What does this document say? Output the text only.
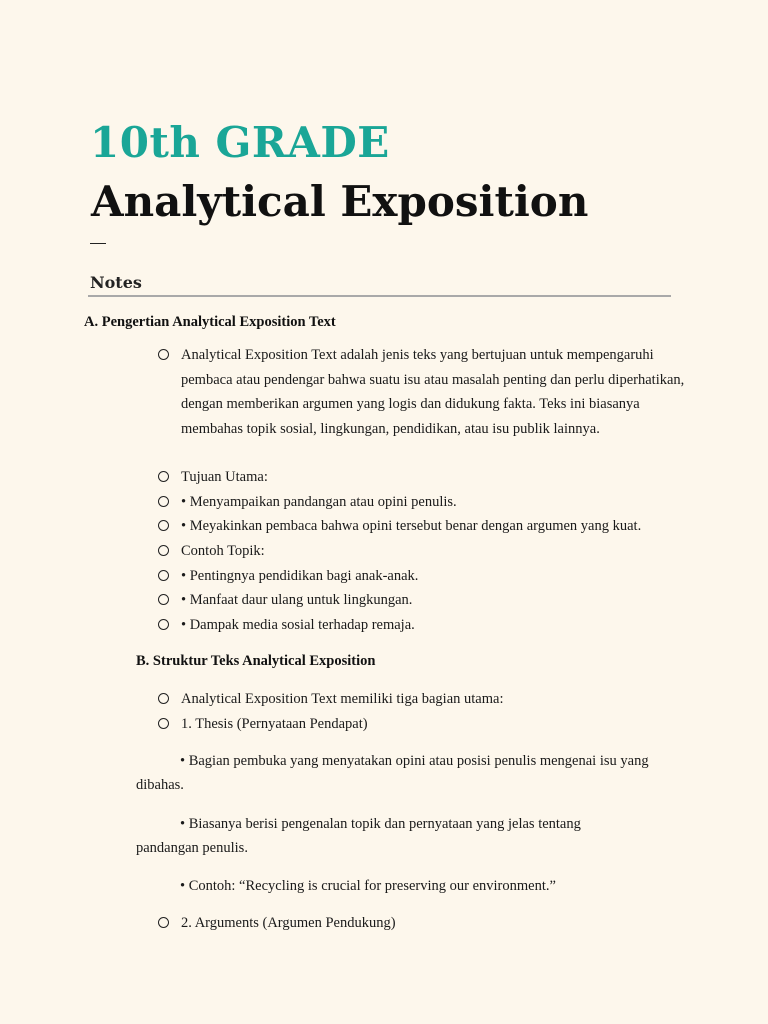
10th GRADE
Analytical Exposition
Notes
A. Pengertian Analytical Exposition Text
Analytical Exposition Text adalah jenis teks yang bertujuan untuk mempengaruhi pembaca atau pendengar bahwa suatu isu atau masalah penting dan perlu diperhatikan, dengan memberikan argumen yang logis dan didukung fakta. Teks ini biasanya membahas topik sosial, lingkungan, pendidikan, atau isu publik lainnya.
Tujuan Utama:
• Menyampaikan pandangan atau opini penulis.
• Meyakinkan pembaca bahwa opini tersebut benar dengan argumen yang kuat.
Contoh Topik:
• Pentingnya pendidikan bagi anak-anak.
• Manfaat daur ulang untuk lingkungan.
• Dampak media sosial terhadap remaja.
B. Struktur Teks Analytical Exposition
Analytical Exposition Text memiliki tiga bagian utama:
1. Thesis (Pernyataan Pendapat)
• Bagian pembuka yang menyatakan opini atau posisi penulis mengenai isu yang dibahas.
• Biasanya berisi pengenalan topik dan pernyataan yang jelas tentang pandangan penulis.
• Contoh: “Recycling is crucial for preserving our environment.”
2. Arguments (Argumen Pendukung)
